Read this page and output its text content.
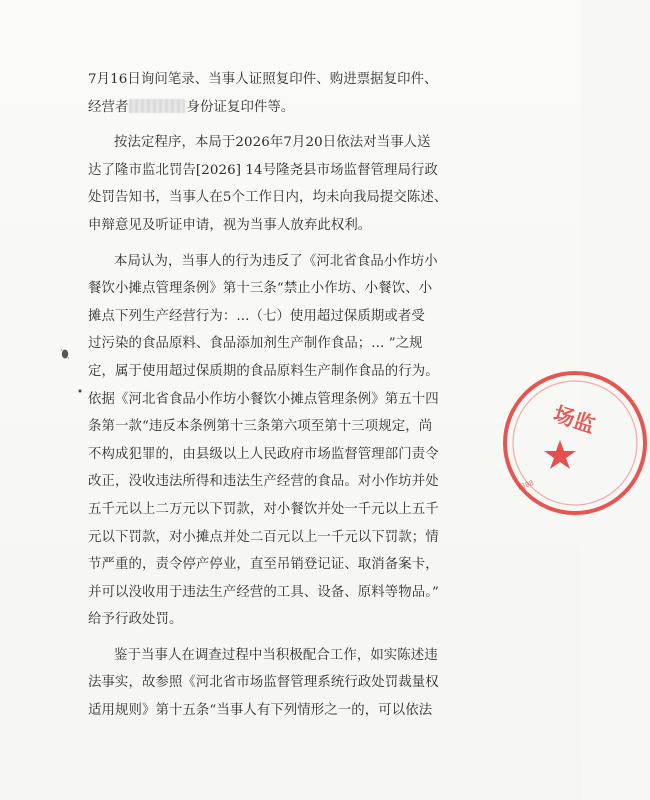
7月16日询问笔录、当事人证照复印件、购进票据复印件、
经营者	身份证复印件等。
按法定程序，本局于2026年7月20日依法对当事人送
达了隆市监北罚告[2026] 14号隆尧县市场监督管理局行政
处罚告知书，当事人在5个工作日内，均未向我局提交陈述、
申辩意见及听证申请，视为当事人放弃此权利。
本局认为，当事人的行为违反了《河北省食品小作坊小
餐饮小摊点管理条例》第十三条“禁止小作坊、小餐饮、小
摊点下列生产经营行为：...（七）使用超过保质期或者受
过污染的食品原料、食品添加剂生产制作食品；... ”之规
定，属于使用超过保质期的食品原料生产制作食品的行为。
依据《河北省食品小作坊小餐饮小摊点管理条例》第五十四
条第一款“违反本条例第十三条第六项至第十三项规定，尚
不构成犯罪的，由县级以上人民政府市场监督管理部门责令
改正，没收违法所得和违法生产经营的食品。对小作坊并处
五千元以上二万元以下罚款，对小餐饮并处一千元以上五千
元以下罚款，对小摊点并处二百元以上一千元以下罚款；情
节严重的，责令停产停业，直至吊销登记证、取消备案卡，
并可以没收用于违法生产经营的工具、设备、原料等物品。”
给予行政处罚。
鉴于当事人在调查过程中当积极配合工作，如实陈述违
法事实，故参照《河北省市场监督管理系统行政处罚裁量权
适用规则》第十五条“当事人有下列情形之一的，可以依法
场监
1308
